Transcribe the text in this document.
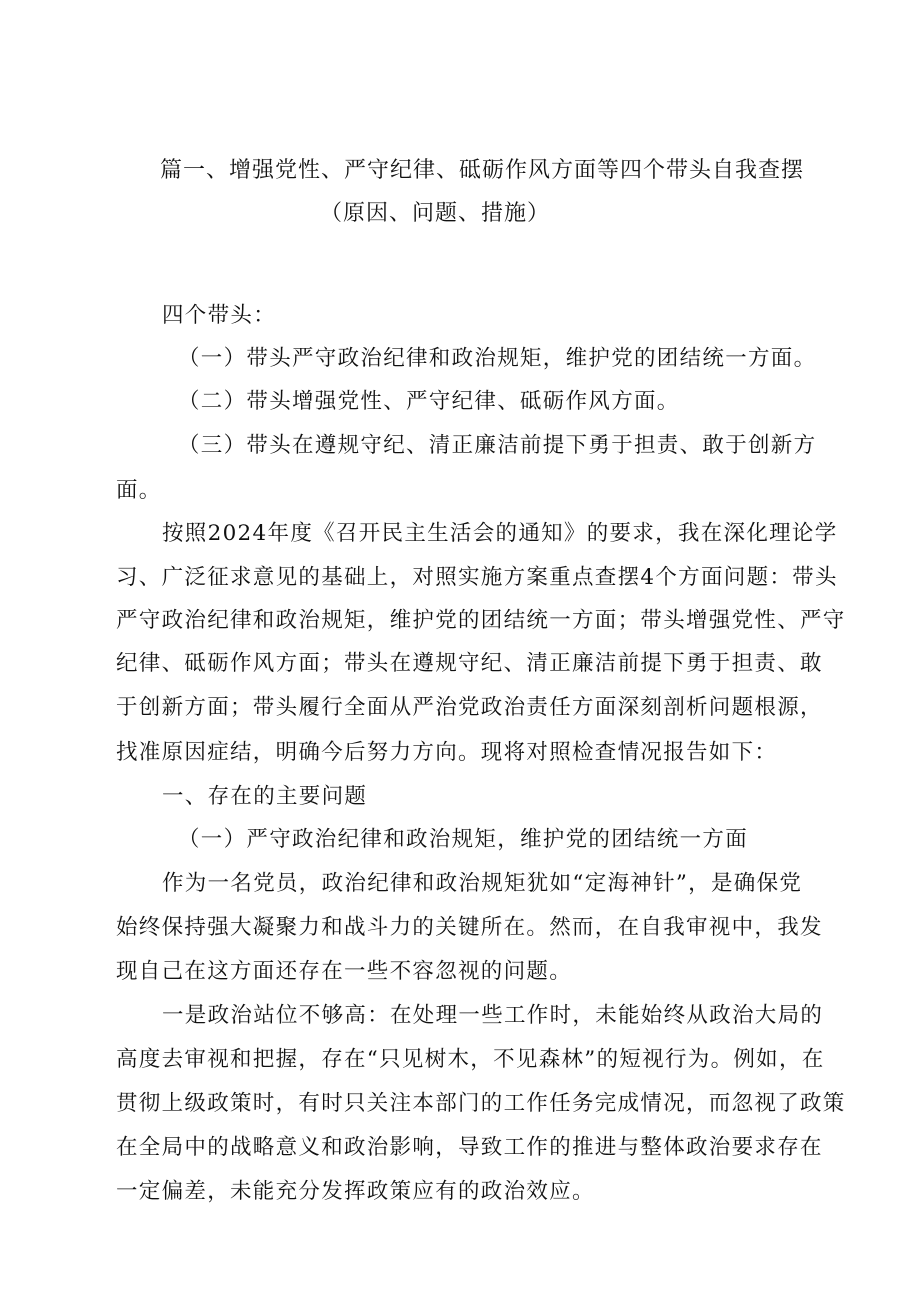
篇一、增强党性、严守纪律、砥砺作风方面等四个带头自我查摆
（原因、问题、措施）
四个带头：
（一）带头严守政治纪律和政治规矩，维护党的团结统一方面。
（二）带头增强党性、严守纪律、砥砺作风方面。
（三）带头在遵规守纪、清正廉洁前提下勇于担责、敢于创新方
面。
按照2024年度《召开民主生活会的通知》的要求，我在深化理论学
习、广泛征求意见的基础上，对照实施方案重点查摆4个方面问题：带头
严守政治纪律和政治规矩，维护党的团结统一方面；带头增强党性、严守
纪律、砥砺作风方面；带头在遵规守纪、清正廉洁前提下勇于担责、敢
于创新方面；带头履行全面从严治党政治责任方面深刻剖析问题根源，
找准原因症结，明确今后努力方向。现将对照检查情况报告如下：
一、存在的主要问题
（一）严守政治纪律和政治规矩，维护党的团结统一方面
作为一名党员，政治纪律和政治规矩犹如“定海神针”，是确保党
始终保持强大凝聚力和战斗力的关键所在。然而，在自我审视中，我发
现自己在这方面还存在一些不容忽视的问题。
一是政治站位不够高：在处理一些工作时，未能始终从政治大局的
高度去审视和把握，存在“只见树木，不见森林”的短视行为。例如，在
贯彻上级政策时，有时只关注本部门的工作任务完成情况，而忽视了政策
在全局中的战略意义和政治影响，导致工作的推进与整体政治要求存在
一定偏差，未能充分发挥政策应有的政治效应。
